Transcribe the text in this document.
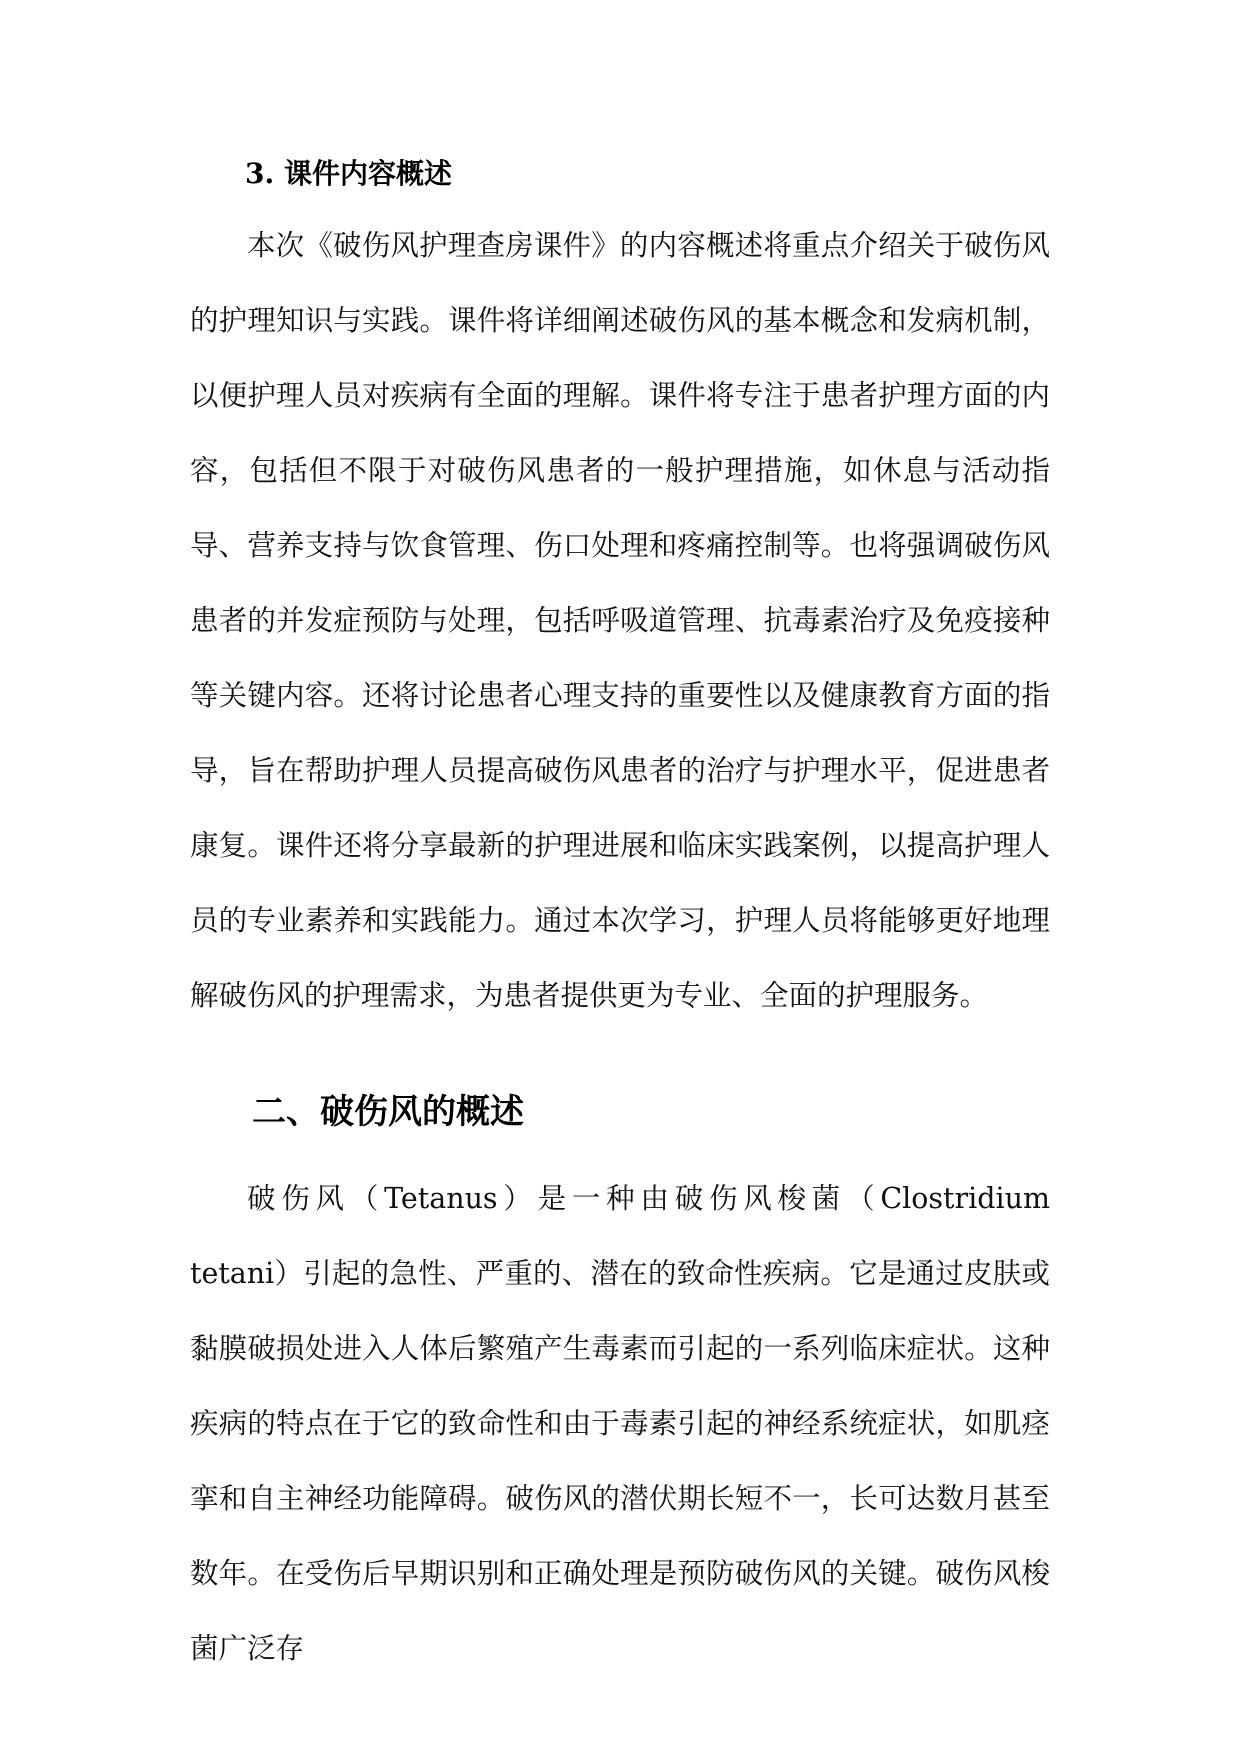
3. 课件内容概述

本次《破伤风护理查房课件》的内容概述将重点介绍关于破伤风的护理知识与实践。课件将详细阐述破伤风的基本概念和发病机制，以便护理人员对疾病有全面的理解。课件将专注于患者护理方面的内容，包括但不限于对破伤风患者的一般护理措施，如休息与活动指导、营养支持与饮食管理、伤口处理和疼痛控制等。也将强调破伤风患者的并发症预防与处理，包括呼吸道管理、抗毒素治疗及免疫接种等关键内容。还将讨论患者心理支持的重要性以及健康教育方面的指导，旨在帮助护理人员提高破伤风患者的治疗与护理水平，促进患者康复。课件还将分享最新的护理进展和临床实践案例，以提高护理人员的专业素养和实践能力。通过本次学习，护理人员将能够更好地理解破伤风的护理需求，为患者提供更为专业、全面的护理服务。

二、破伤风的概述

破伤风（Tetanus）是一种由破伤风梭菌（Clostridium tetani）引起的急性、严重的、潜在的致命性疾病。它是通过皮肤或黏膜破损处进入人体后繁殖产生毒素而引起的一系列临床症状。这种疾病的特点在于它的致命性和由于毒素引起的神经系统症状，如肌痉挛和自主神经功能障碍。破伤风的潜伏期长短不一，长可达数月甚至数年。在受伤后早期识别和正确处理是预防破伤风的关键。破伤风梭菌广泛存
